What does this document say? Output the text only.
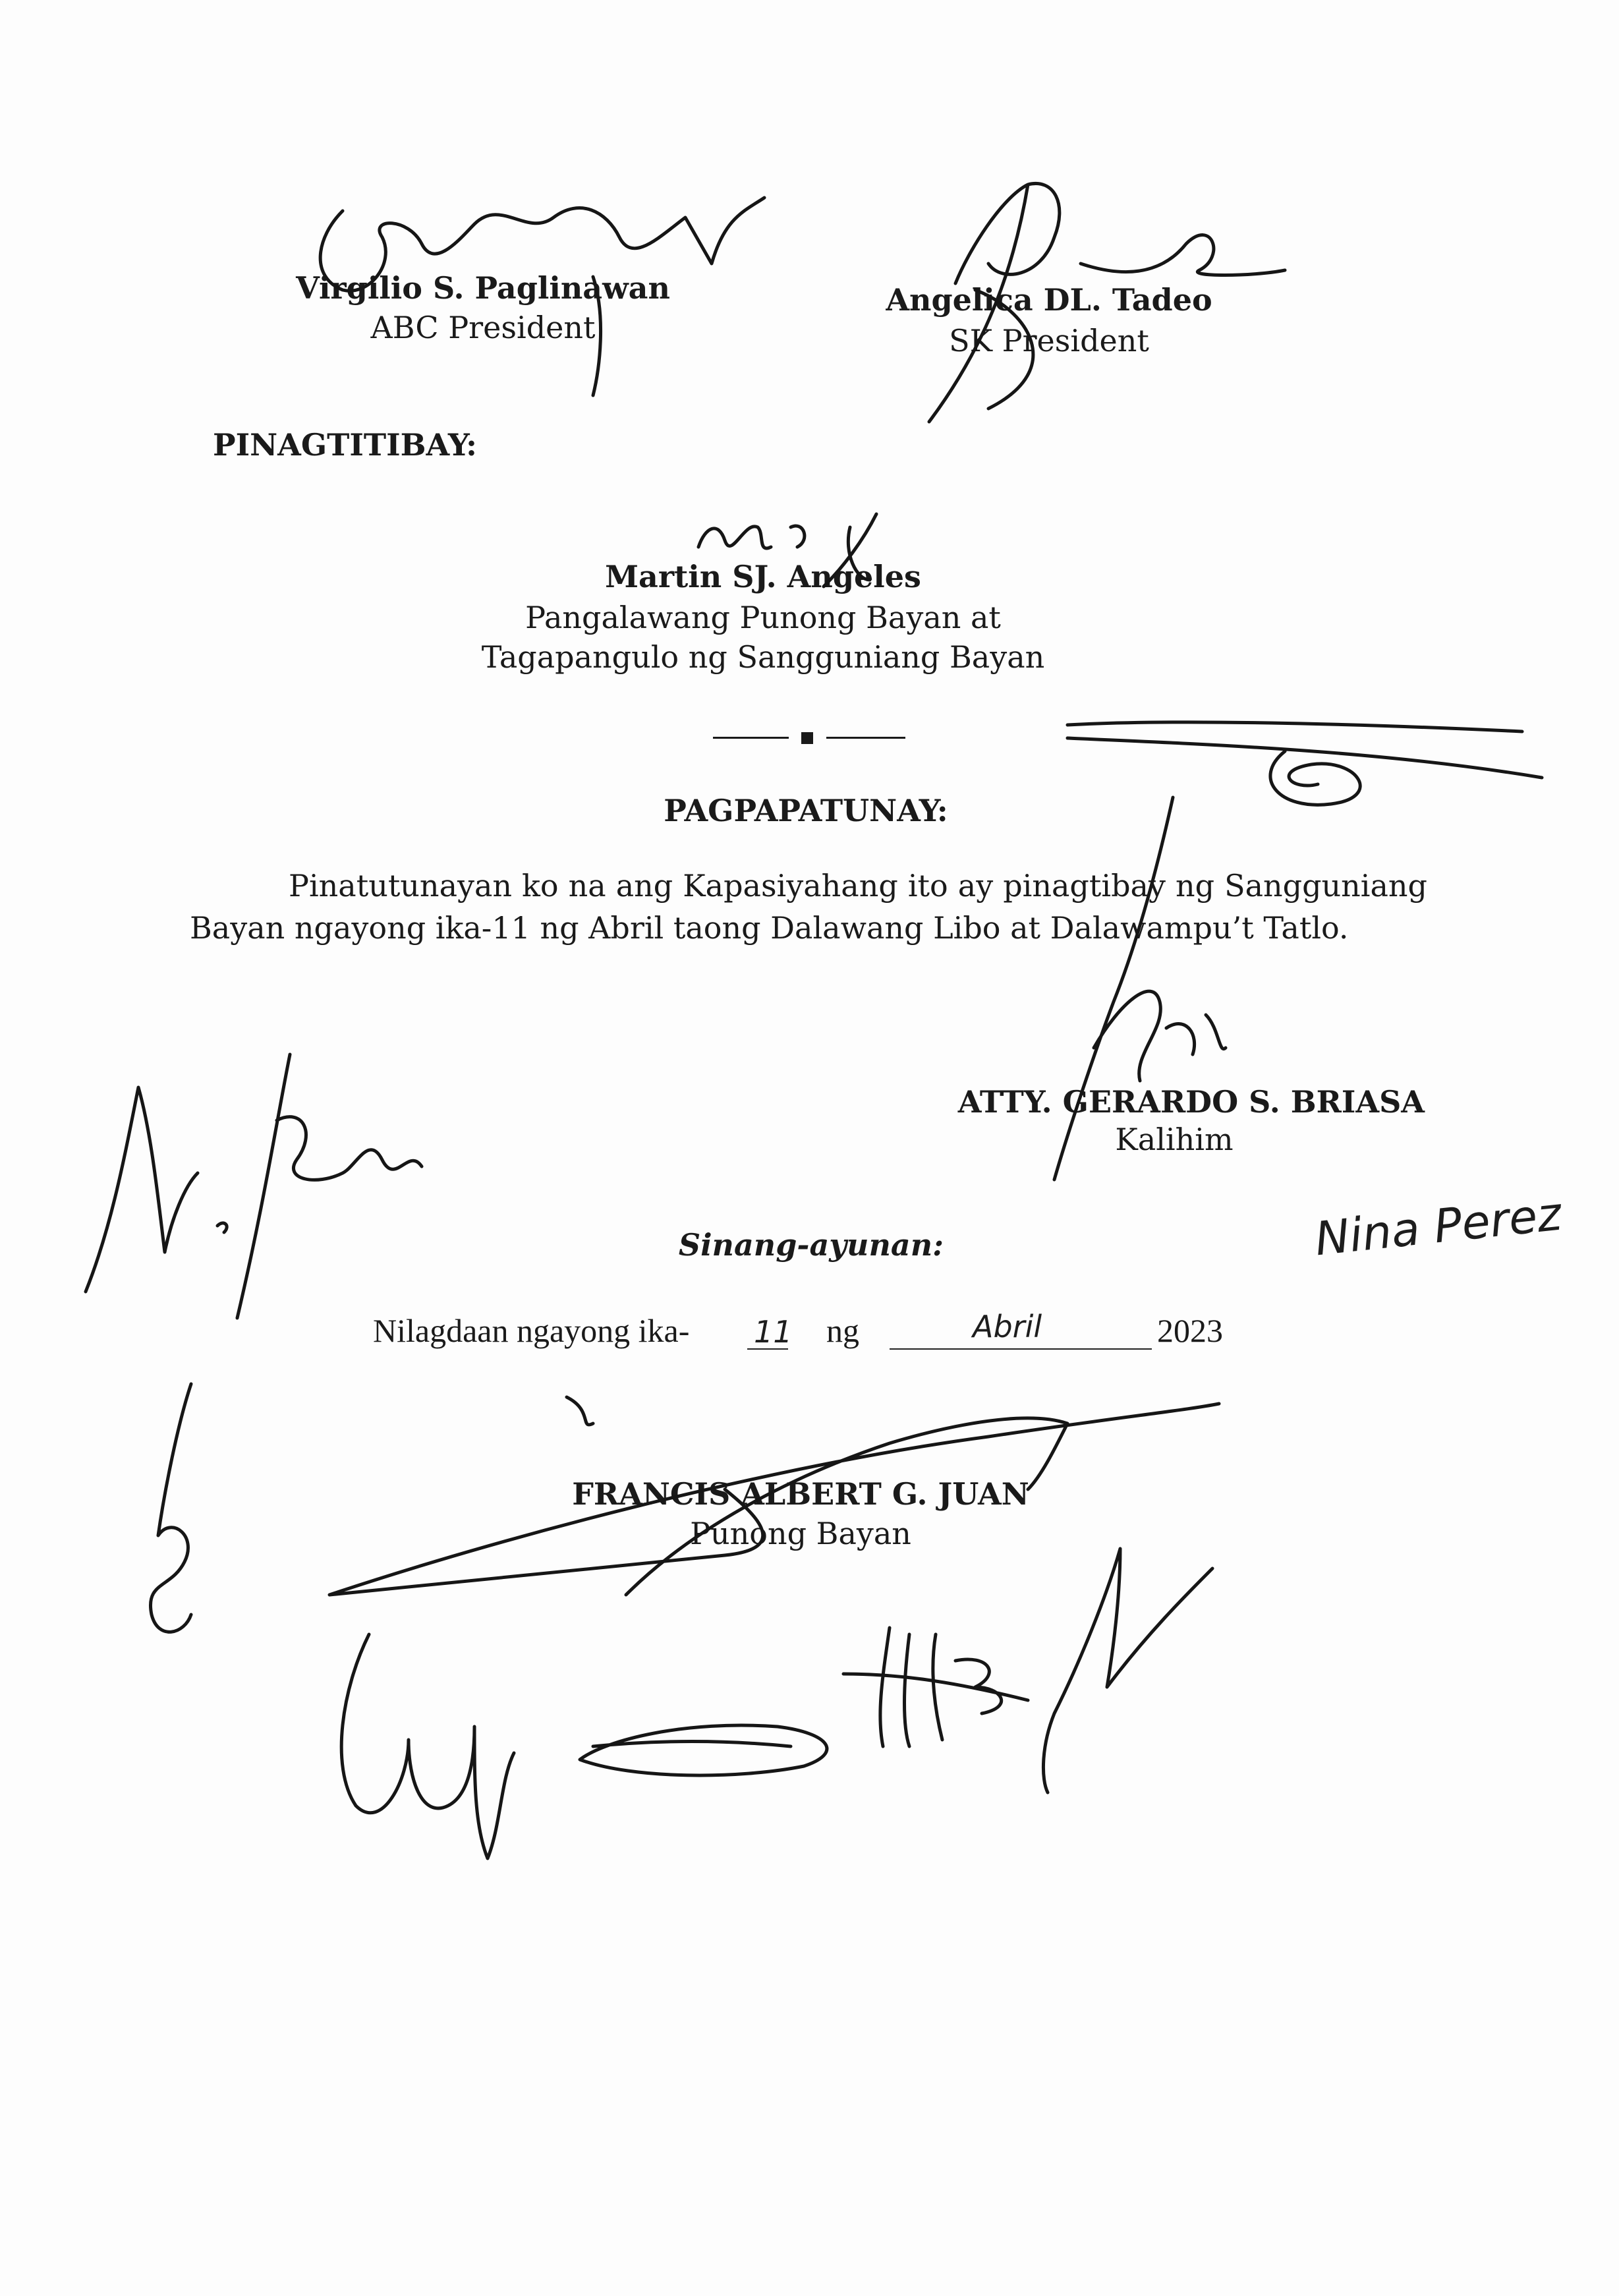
Virgilio S. Paglinawan
ABC President
Angelica DL. Tadeo
SK President
PINAGTITIBAY:
Martin SJ. Angeles
Pangalawang Punong Bayan at
Tagapangulo ng Sangguniang Bayan
PAGPAPATUNAY:
Pinatutunayan ko na ang Kapasiyahang ito ay pinagtibay ng Sangguniang Bayan ngayong ika-11 ng Abril taong Dalawang Libo at Dalawampu’t Tatlo.
ATTY. GERARDO S. BRIASA
Kalihim
Sinang-ayunan:
Nilagdaan ngayong ika- 11 ng	Abril	2023
FRANCIS ALBERT G. JUAN
Punong Bayan
Nina Perez
